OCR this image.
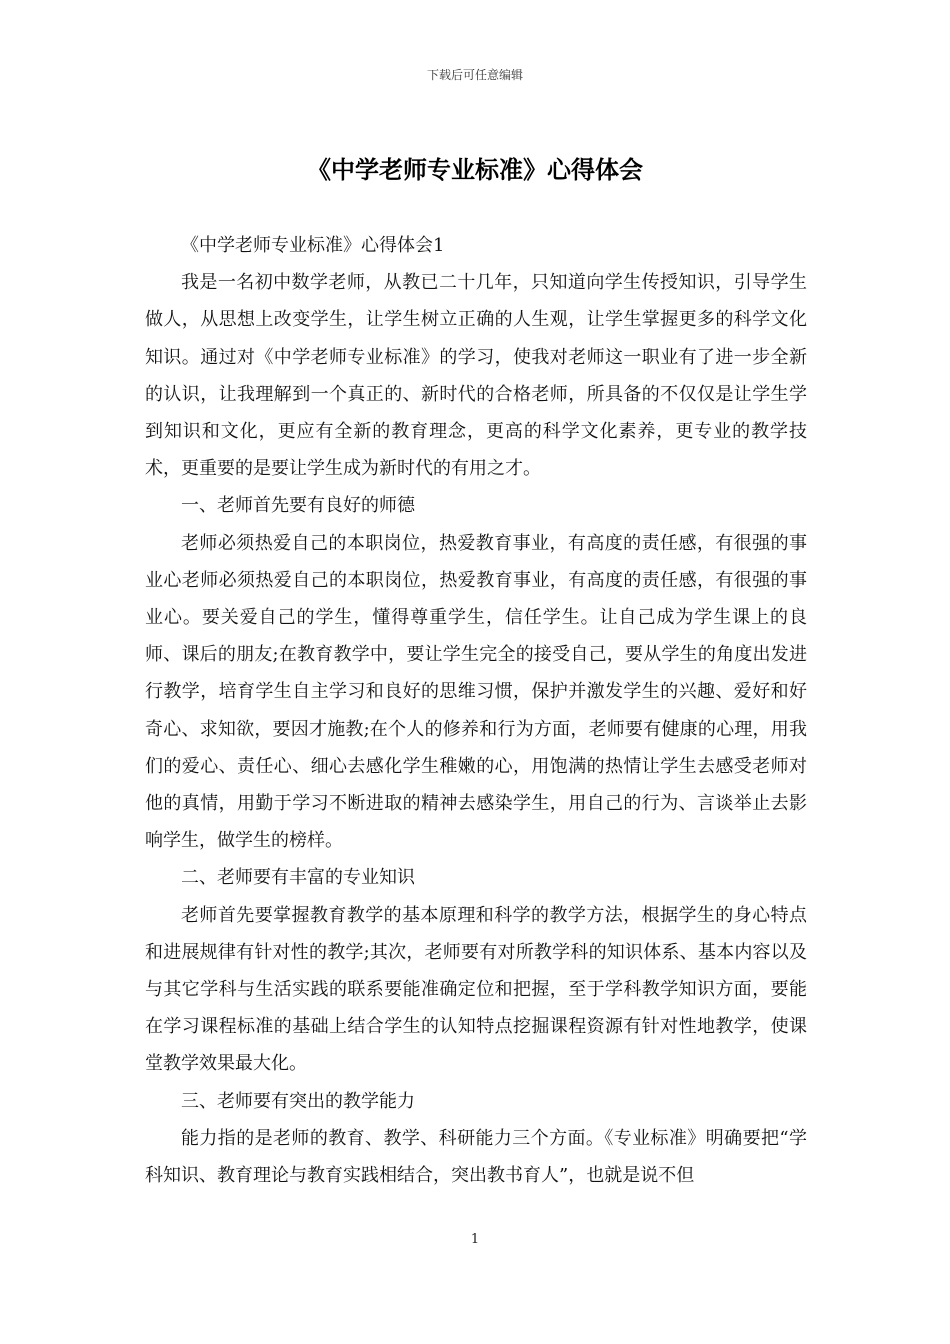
下载后可任意编辑
《中学老师专业标准》心得体会

《中学老师专业标准》心得体会1

我是一名初中数学老师，从教已二十几年，只知道向学生传授知识，引导学生做人，从思想上改变学生，让学生树立正确的人生观，让学生掌握更多的科学文化知识。通过对《中学老师专业标准》的学习，使我对老师这一职业有了进一步全新的认识，让我理解到一个真正的、新时代的合格老师，所具备的不仅仅是让学生学到知识和文化，更应有全新的教育理念，更高的科学文化素养，更专业的教学技术，更重要的是要让学生成为新时代的有用之才。

一、老师首先要有良好的师德

老师必须热爱自己的本职岗位，热爱教育事业，有高度的责任感，有很强的事业心老师必须热爱自己的本职岗位，热爱教育事业，有高度的责任感，有很强的事业心。要关爱自己的学生，懂得尊重学生，信任学生。让自己成为学生课上的良师、课后的朋友;在教育教学中，要让学生完全的接受自己，要从学生的角度出发进行教学，培育学生自主学习和良好的思维习惯，保护并激发学生的兴趣、爱好和好奇心、求知欲，要因才施教;在个人的修养和行为方面，老师要有健康的心理，用我们的爱心、责任心、细心去感化学生稚嫩的心，用饱满的热情让学生去感受老师对他的真情，用勤于学习不断进取的精神去感染学生，用自己的行为、言谈举止去影响学生，做学生的榜样。

二、老师要有丰富的专业知识

老师首先要掌握教育教学的基本原理和科学的教学方法，根据学生的身心特点和进展规律有针对性的教学;其次，老师要有对所教学科的知识体系、基本内容以及与其它学科与生活实践的联系要能准确定位和把握，至于学科教学知识方面，要能在学习课程标准的基础上结合学生的认知特点挖掘课程资源有针对性地教学，使课堂教学效果最大化。

三、老师要有突出的教学能力

能力指的是老师的教育、教学、科研能力三个方面。《专业标准》明确要把“学科知识、教育理论与教育实践相结合，突出教书育人”，也就是说不但

1
